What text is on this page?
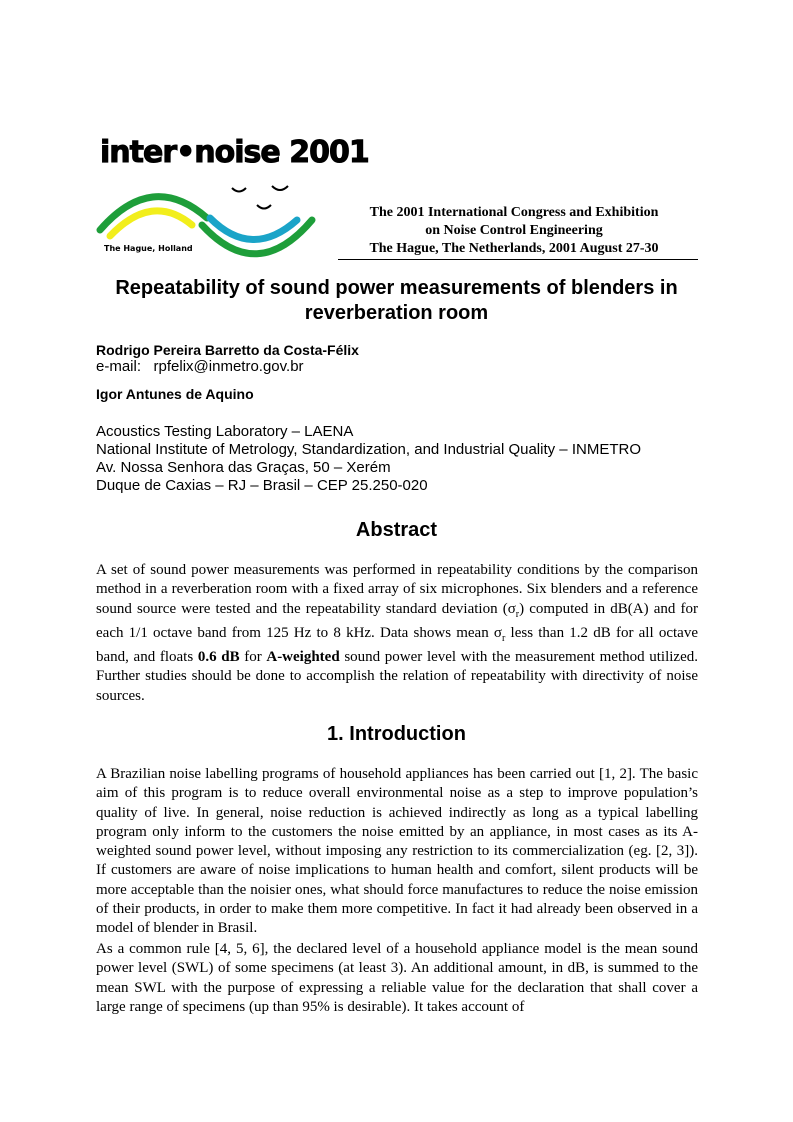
inter•noise 2001
The Hague, Holland
The 2001 International Congress and Exhibition
on Noise Control Engineering
The Hague, The Netherlands, 2001 August 27-30
Repeatability of sound power measurements of blenders in
reverberation room
Rodrigo Pereira Barretto da Costa-Félix
e-mail: rpfelix@inmetro.gov.br
Igor Antunes de Aquino
Acoustics Testing Laboratory – LAENA
National Institute of Metrology, Standardization, and Industrial Quality – INMETRO
Av. Nossa Senhora das Graças, 50 – Xerém
Duque de Caxias – RJ – Brasil – CEP 25.250-020
Abstract
A set of sound power measurements was performed in repeatability conditions by the comparison method in a reverberation room with a fixed array of six microphones. Six blenders and a reference sound source were tested and the repeatability standard deviation $(\sigma_r)$ computed in dB(A) and for each 1/1 octave band from 125 Hz to 8 kHz. Data shows mean $\sigma_r$ less than 1.2 dB for all octave band, and floats 0.6 dB for A-weighted sound power level with the measurement method utilized. Further studies should be done to accomplish the relation of repeatability with directivity of noise sources.
1. Introduction
A Brazilian noise labelling programs of household appliances has been carried out [1, 2]. The basic aim of this program is to reduce overall environmental noise as a step to improve population’s quality of live. In general, noise reduction is achieved indirectly as long as a typical labelling program only inform to the customers the noise emitted by an appliance, in most cases as its A-weighted sound power level, without imposing any restriction to its commercialization (eg. [2, 3]). If customers are aware of noise implications to human health and comfort, silent products will be more acceptable than the noisier ones, what should force manufactures to reduce the noise emission of their products, in order to make them more competitive. In fact it had already been observed in a model of blender in Brasil.
As a common rule [4, 5, 6], the declared level of a household appliance model is the mean sound power level (SWL) of some specimens (at least 3). An additional amount, in dB, is summed to the mean SWL with the purpose of expressing a reliable value for the declaration that shall cover a large range of specimens (up than 95% is desirable). It takes account of
